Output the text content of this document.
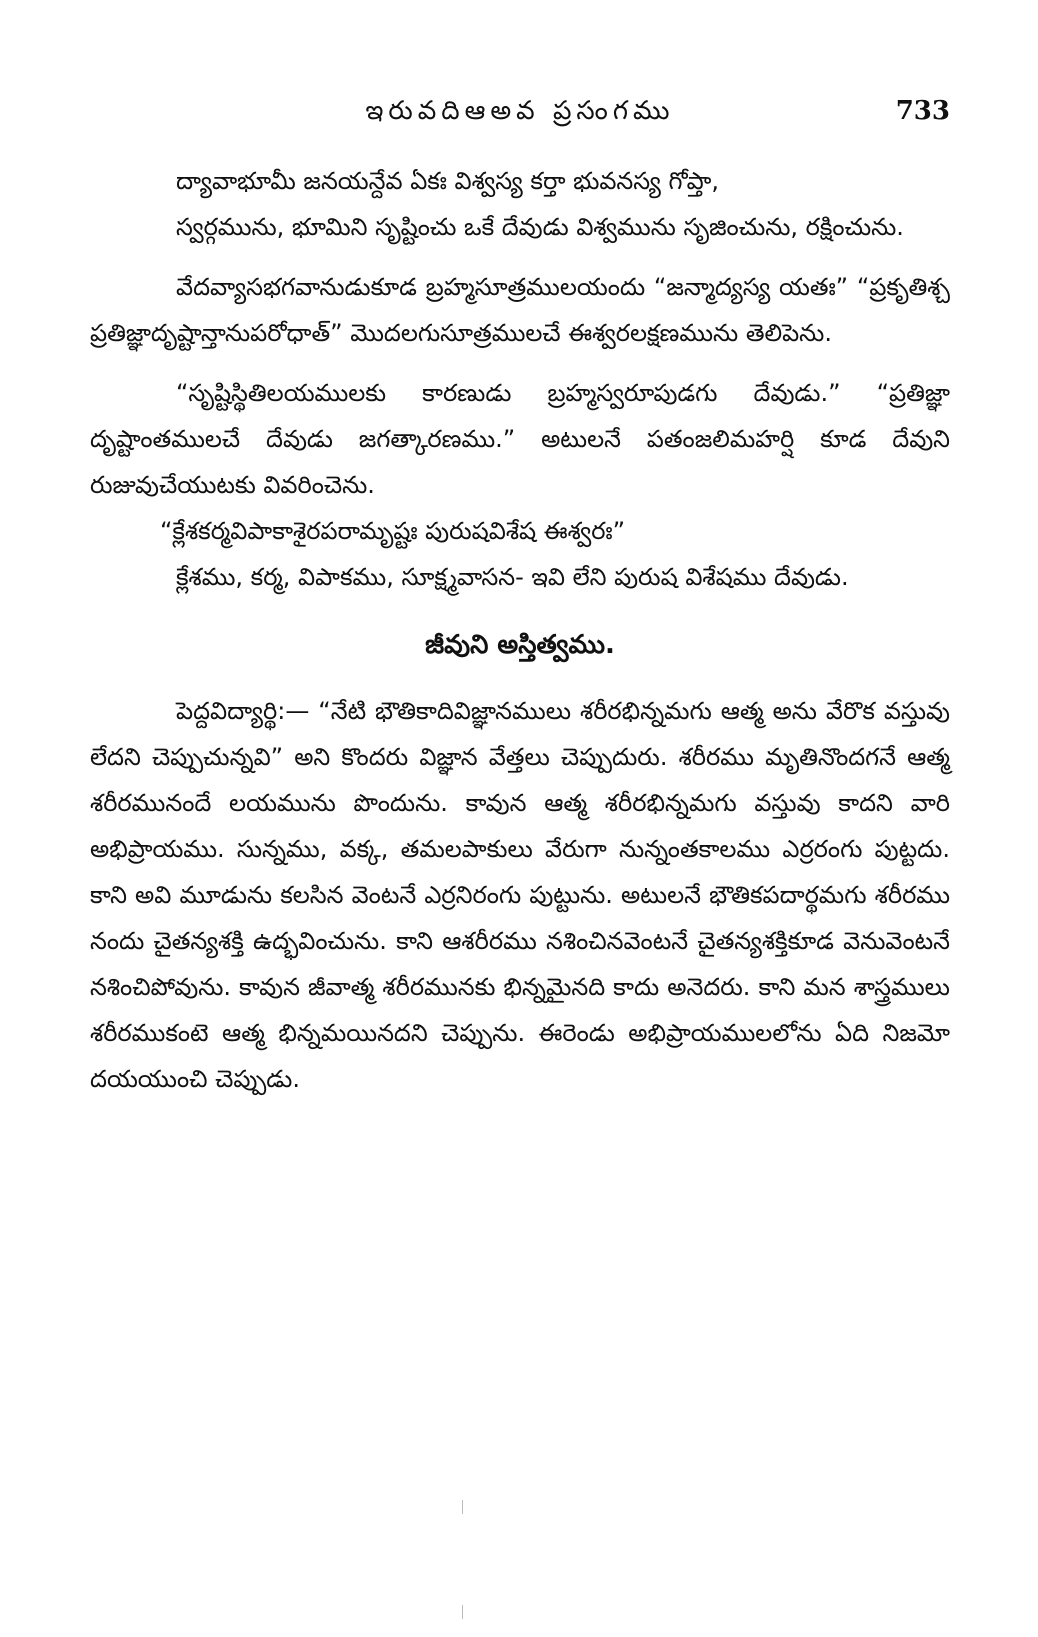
ఇరువదిఆఅవ ప్రసంగము	733

ద్యావాభూమీ జనయన్దేవ ఏకః విశ్వస్య కర్తా భువనస్య గోప్తా,

స్వర్గమును, భూమిని సృష్టించు ఒకే దేవుడు విశ్వమును సృజించును, రక్షించును.

వేదవ్యాసభగవానుడుకూడ బ్రహ్మసూత్రములయందు “జన్మాద్యస్య యతః” “ప్రకృతిశ్చ ప్రతిజ్ఞాదృష్టాన్తానుపరోధాత్” మొదలగుసూత్రములచే ఈశ్వరలక్షణమును తెలిపెను.

“సృష్టిస్థితిలయములకు కారణుడు బ్రహ్మస్వరూపుడగు దేవుడు.” “ప్రతిజ్ఞా దృష్టాంతములచే దేవుడు జగత్కారణము.” అటులనే పతంజలిమహర్షి కూడ దేవుని రుజువుచేయుటకు వివరించెను.

“క్లేశకర్మవిపాకాశైరపరామృష్టః పురుషవిశేష ఈశ్వరః”

క్లేశము, కర్మ, విపాకము, సూక్ష్మవాసన- ఇవి లేని పురుష విశేషము దేవుడు.

జీవుని అస్తిత్వము.

పెద్దవిద్యార్థి:— “నేటి భౌతికాదివిజ్ఞానములు శరీరభిన్నమగు ఆత్మ అను వేరొక వస్తువు లేదని చెప్పుచున్నవి” అని కొందరు విజ్ఞాన వేత్తలు చెప్పుదురు. శరీరము మృతినొందగనే ఆత్మ శరీరమునందే లయమును పొందును. కావున ఆత్మ శరీరభిన్నమగు వస్తువు కాదని వారి అభిప్రాయము. సున్నము, వక్క, తమలపాకులు వేరుగా నున్నంతకాలము ఎర్రరంగు పుట్టదు. కాని అవి మూడును కలసిన వెంటనే ఎర్రనిరంగు పుట్టును. అటులనే భౌతికపదార్థమగు శరీరము నందు చైతన్యశక్తి ఉద్భవించును. కాని ఆశరీరము నశించినవెంటనే చైతన్యశక్తికూడ వెనువెంటనే నశించిపోవును. కావున జీవాత్మ శరీరమునకు భిన్నమైనది కాదు అనెదరు. కాని మన శాస్త్రములు శరీరముకంటె ఆత్మ భిన్నమయినదని చెప్పును. ఈరెండు అభిప్రాయములలోను ఏది నిజమో దయయుంచి చెప్పుడు.
